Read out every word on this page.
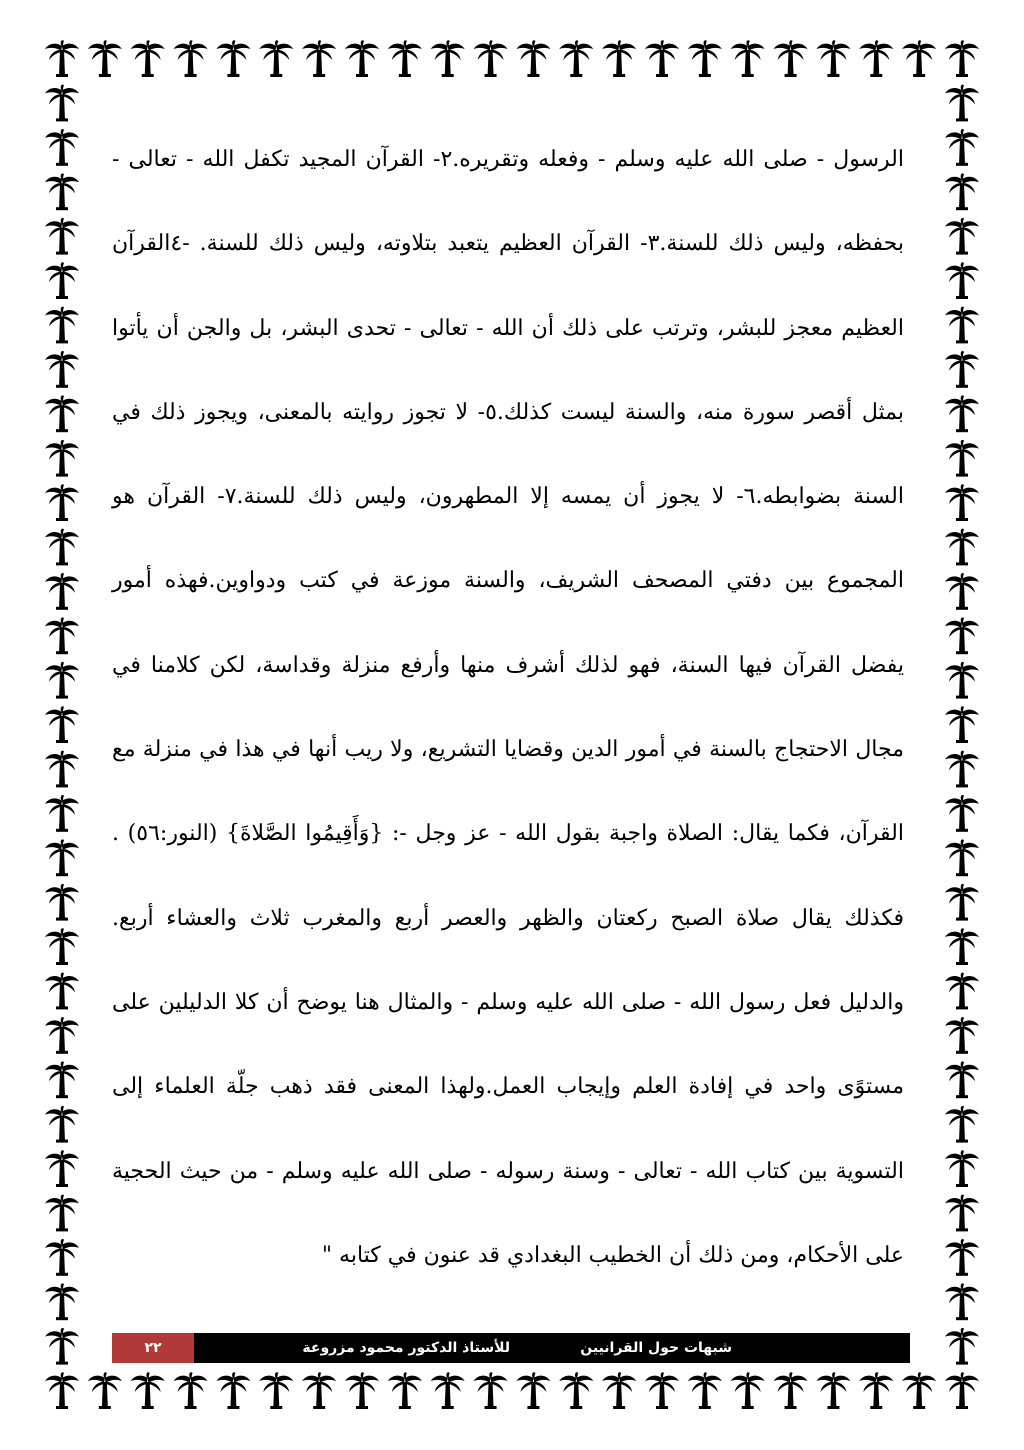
الرسول - صلى الله عليه وسلم - وفعله وتقريره.٢- القرآن المجيد تكفل الله - تعالى - بحفظه، وليس ذلك للسنة.٣- القرآن العظيم يتعبد بتلاوته، وليس ذلك للسنة. -٤القرآن العظيم معجز للبشر، وترتب على ذلك أن الله - تعالى - تحدى البشر، بل والجن أن يأتوا بمثل أقصر سورة منه، والسنة ليست كذلك.٥- لا تجوز روايته بالمعنى، ويجوز ذلك في السنة بضوابطه.٦- لا يجوز أن يمسه إلا المطهرون، وليس ذلك للسنة.٧- القرآن هو المجموع بين دفتي المصحف الشريف، والسنة موزعة في كتب ودواوين.فهذه أمور يفضل القرآن فيها السنة، فهو لذلك أشرف منها وأرفع منزلة وقداسة، لكن كلامنا في مجال الاحتجاج بالسنة في أمور الدين وقضايا التشريع، ولا ريب أنها في هذا في منزلة مع القرآن، فكما يقال: الصلاة واجبة بقول الله - عز وجل -: {وَأَقِيمُوا الصَّلاةَ} (النور:٥٦) . فكذلك يقال صلاة الصبح ركعتان والظهر والعصر أربع والمغرب ثلاث والعشاء أربع. والدليل فعل رسول الله - صلى الله عليه وسلم - والمثال هنا يوضح أن كلا الدليلين على مستوًى واحد في إفادة العلم وإيجاب العمل.ولهذا المعنى فقد ذهب جلّة العلماء إلى التسوية بين كتاب الله - تعالى - وسنة رسوله - صلى الله عليه وسلم - من حيث الحجية على الأحكام، ومن ذلك أن الخطيب البغدادي قد عنون في كتابه "

٢٢	للأستاذ الدكتور محمود مزروعة	شبهات حول القرانيين
